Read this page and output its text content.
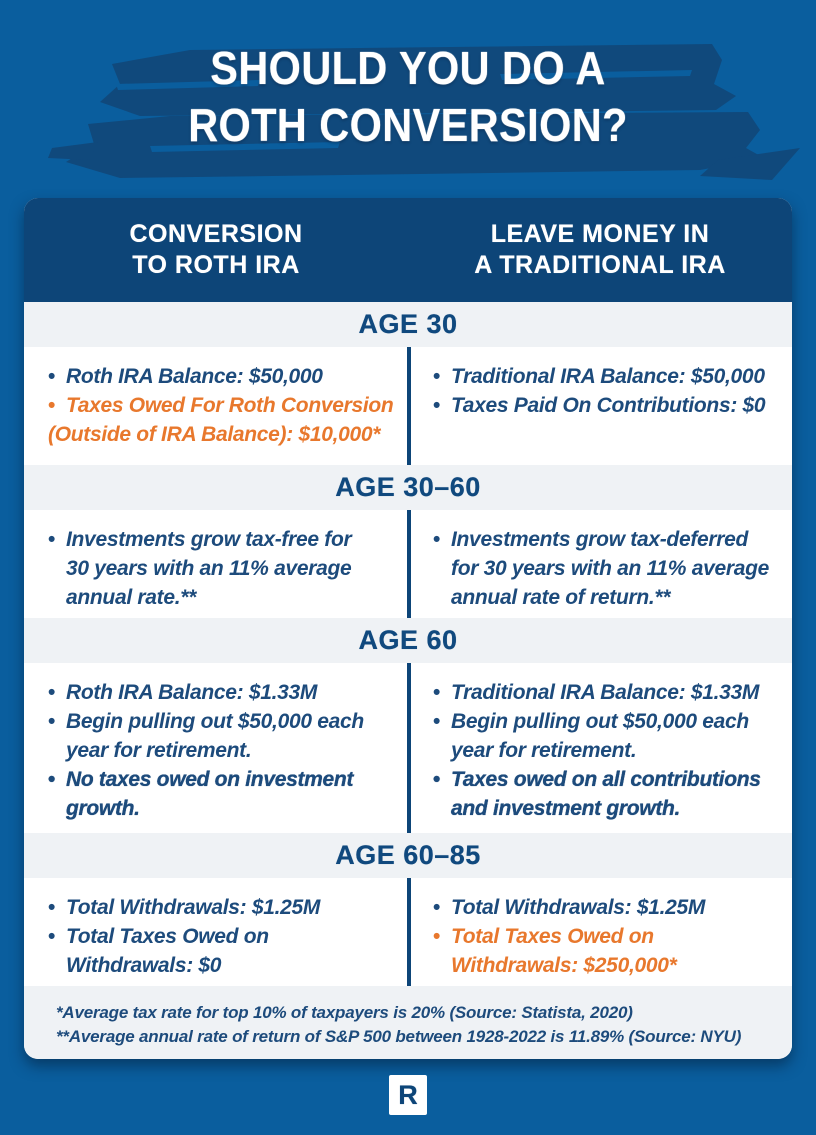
SHOULD YOU DO A
ROTH CONVERSION?
CONVERSION
TO ROTH IRA
LEAVE MONEY IN
A TRADITIONAL IRA
AGE 30
• Roth IRA Balance: $50,000
• Taxes Owed For Roth Conversion
(Outside of IRA Balance): $10,000*
• Traditional IRA Balance: $50,000
• Taxes Paid On Contributions: $0
AGE 30–60
• Investments grow tax-free for
30 years with an 11% average
annual rate.**
• Investments grow tax-deferred
for 30 years with an 11% average
annual rate of return.**
AGE 60
• Roth IRA Balance: $1.33M
• Begin pulling out $50,000 each
year for retirement.
• No taxes owed on investment
growth.
• Traditional IRA Balance: $1.33M
• Begin pulling out $50,000 each
year for retirement.
• Taxes owed on all contributions
and investment growth.
AGE 60–85
• Total Withdrawals: $1.25M
• Total Taxes Owed on
Withdrawals: $0
• Total Withdrawals: $1.25M
• Total Taxes Owed on
Withdrawals: $250,000*
*Average tax rate for top 10% of taxpayers is 20% (Source: Statista, 2020)
**Average annual rate of return of S&P 500 between 1928-2022 is 11.89% (Source: NYU)
R
